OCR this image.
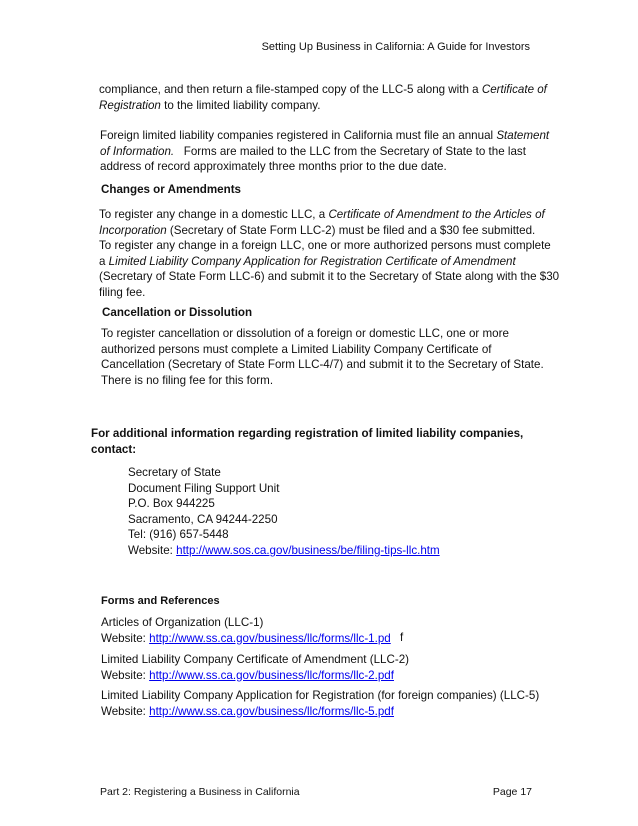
Setting Up Business in California: A Guide for Investors
compliance, and then return a file-stamped copy of the LLC-5 along with a Certificate of
Registration to the limited liability company.
Foreign limited liability companies registered in California must file an annual Statement
of Information.   Forms are mailed to the LLC from the Secretary of State to the last
address of record approximately three months prior to the due date.
Changes or Amendments
To register any change in a domestic LLC, a Certificate of Amendment to the Articles of
Incorporation (Secretary of State Form LLC-2) must be filed and a $30 fee submitted.
To register any change in a foreign LLC, one or more authorized persons must complete
a Limited Liability Company Application for Registration Certificate of Amendment
(Secretary of State Form LLC-6) and submit it to the Secretary of State along with the $30
filing fee.
Cancellation or Dissolution
To register cancellation or dissolution of a foreign or domestic LLC, one or more
authorized persons must complete a Limited Liability Company Certificate of
Cancellation (Secretary of State Form LLC-4/7) and submit it to the Secretary of State.
There is no filing fee for this form.
For additional information regarding registration of limited liability companies,
contact:
Secretary of State
Document Filing Support Unit
P.O. Box 944225
Sacramento, CA 94244-2250
Tel: (916) 657-5448
Website: http://www.sos.ca.gov/business/be/filing-tips-llc.htm
Forms and References
Articles of Organization (LLC-1)
Website: http://www.ss.ca.gov/business/llc/forms/llc-1.pd f
Limited Liability Company Certificate of Amendment (LLC-2)
Website: http://www.ss.ca.gov/business/llc/forms/llc-2.pdf
Limited Liability Company Application for Registration (for foreign companies) (LLC-5)
Website: http://www.ss.ca.gov/business/llc/forms/llc-5.pdf
Part 2: Registering a Business in California	Page 17
